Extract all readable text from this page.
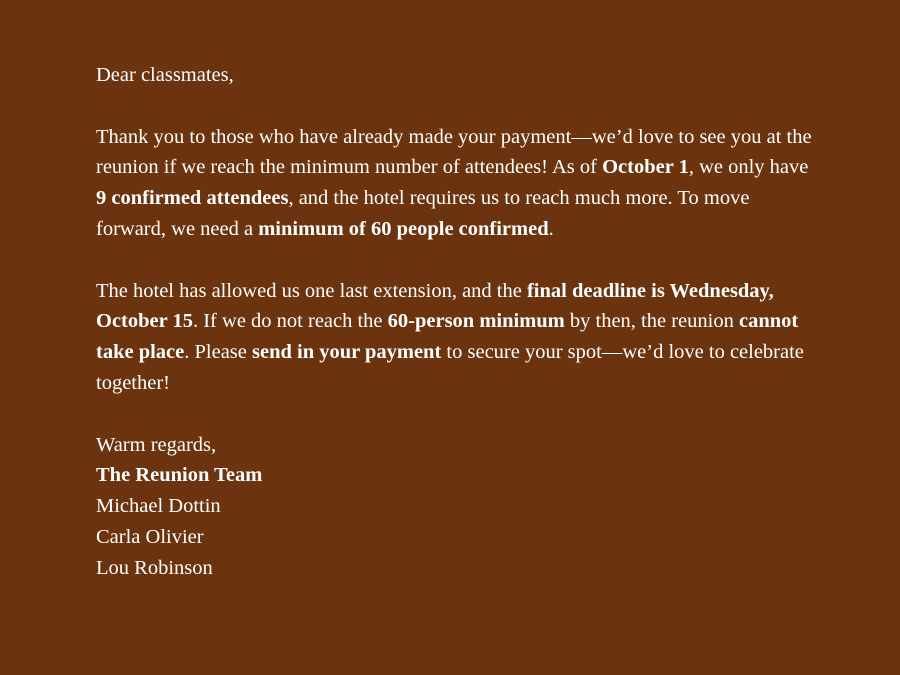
Dear classmates,

Thank you to those who have already made your payment—we’d love to see you at the reunion if we reach the minimum number of attendees! As of October 1, we only have 9 confirmed attendees, and the hotel requires us to reach much more. To move forward, we need a minimum of 60 people confirmed.

The hotel has allowed us one last extension, and the final deadline is Wednesday, October 15. If we do not reach the 60-person minimum by then, the reunion cannot take place. Please send in your payment to secure your spot—we’d love to celebrate together!

Warm regards,

The Reunion Team

Michael Dottin

Carla Olivier

Lou Robinson
